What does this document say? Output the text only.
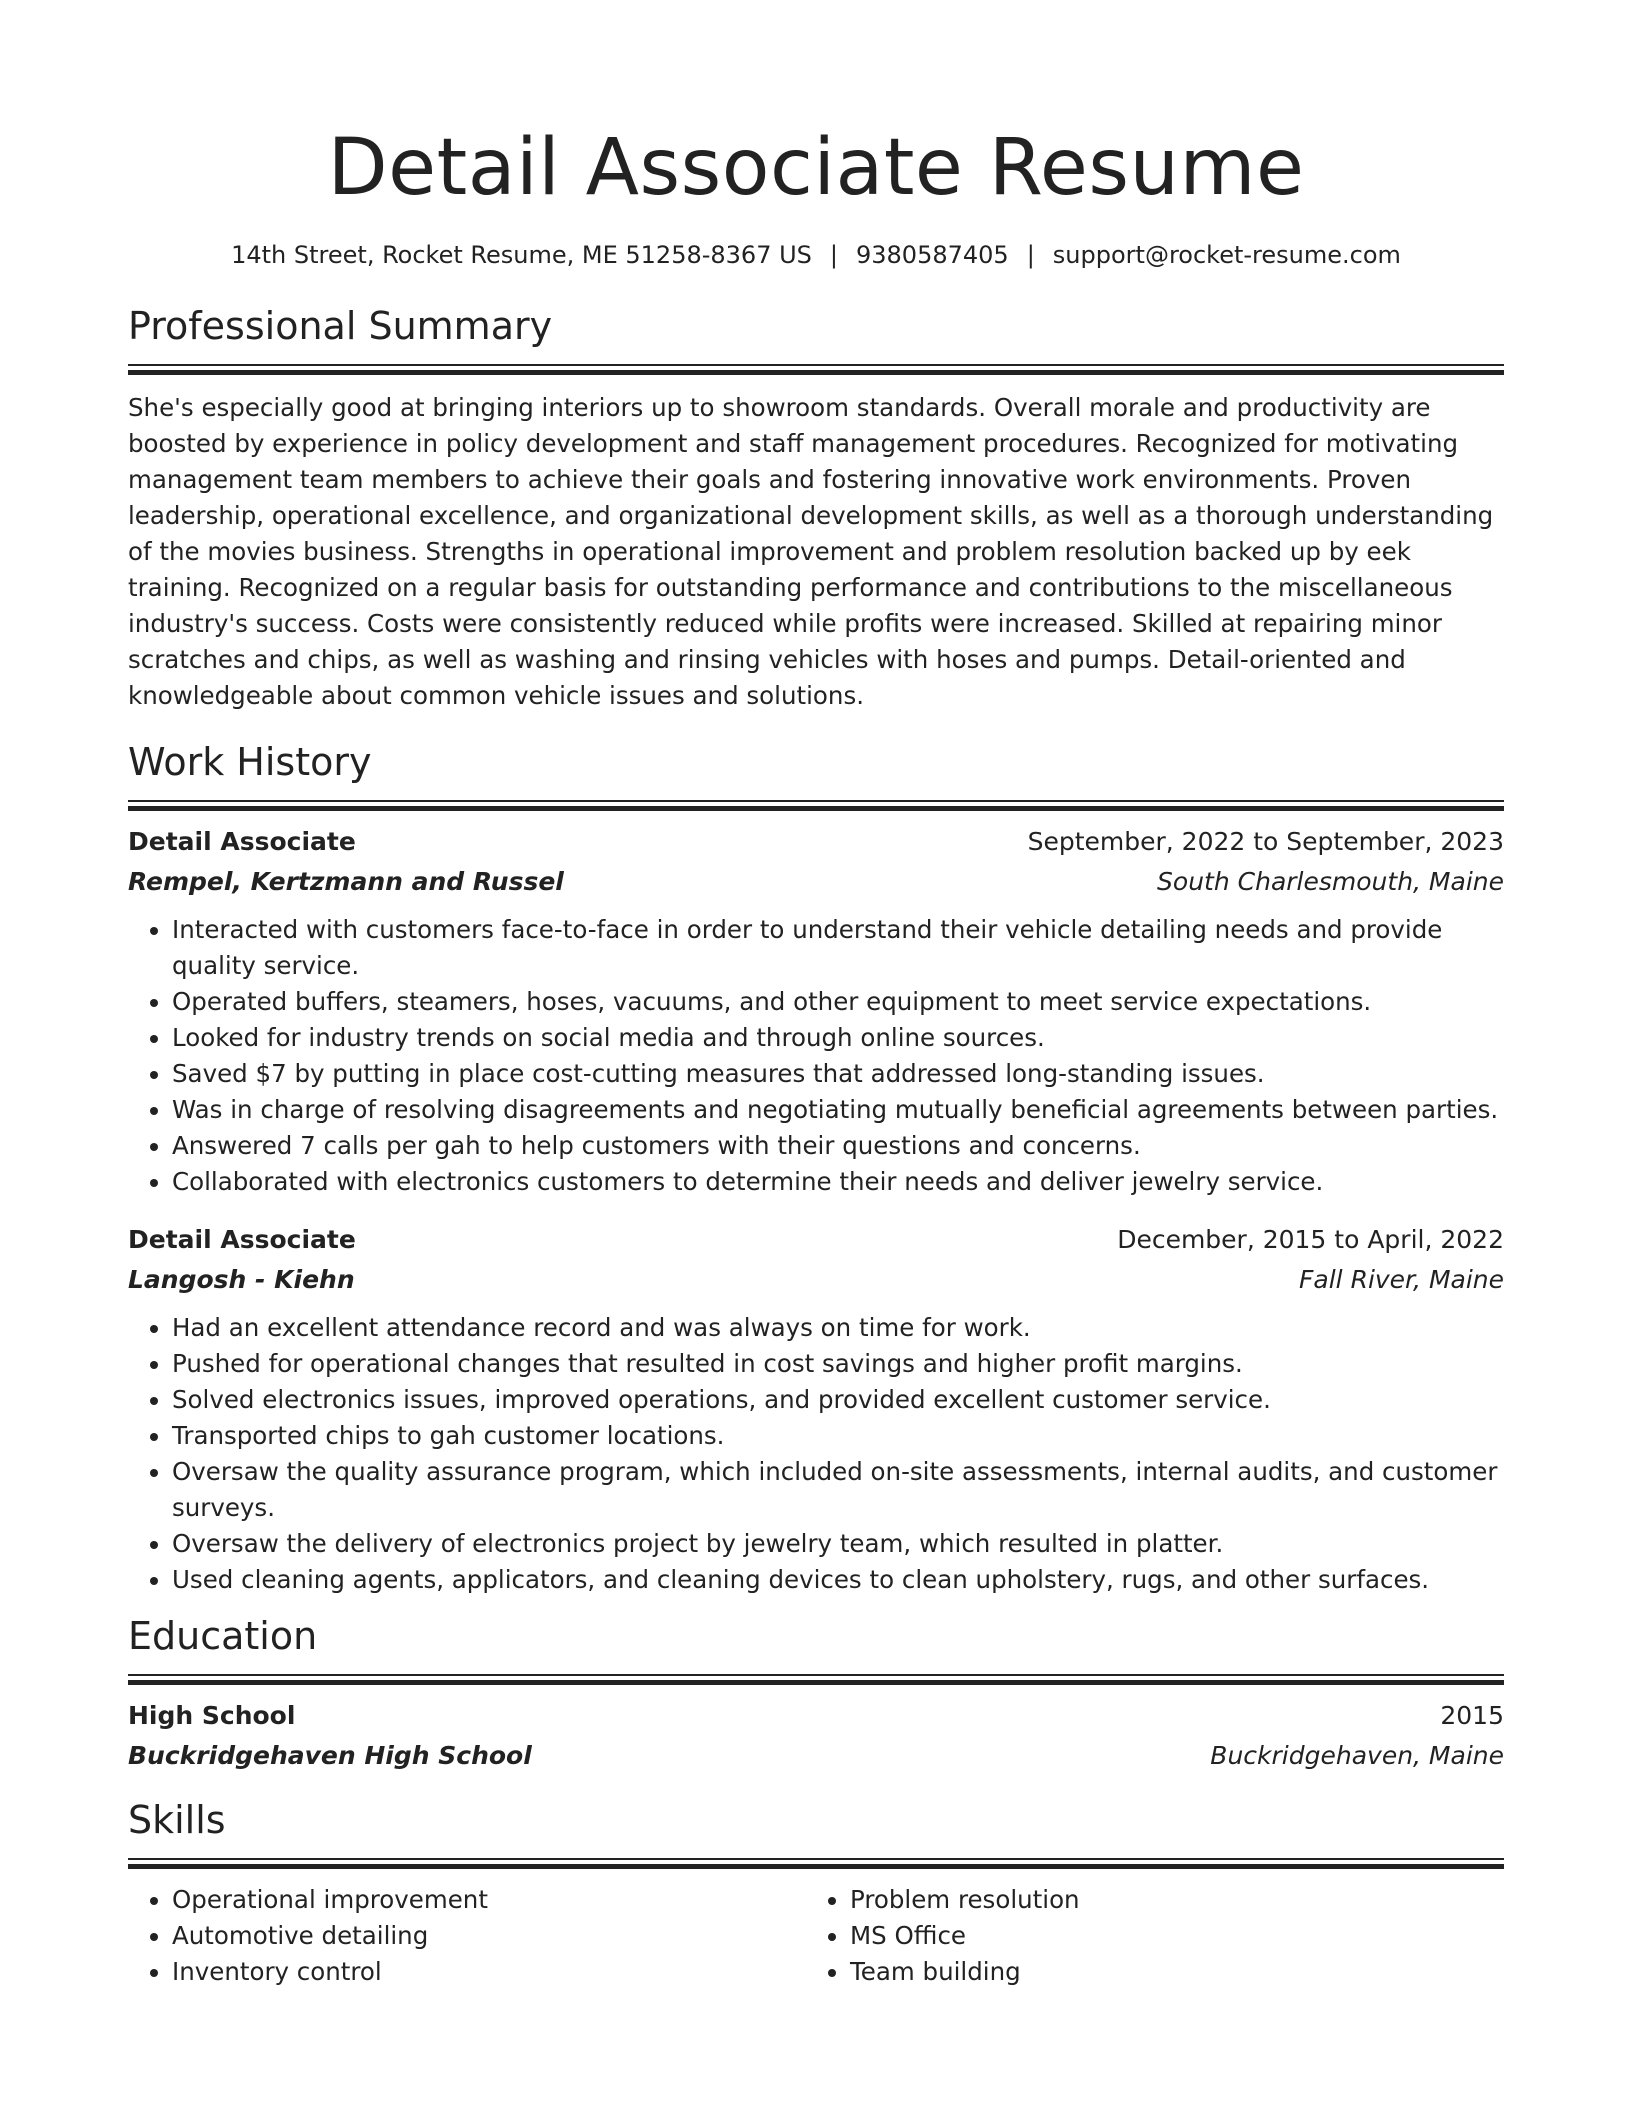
Detail Associate Resume
14th Street, Rocket Resume, ME 51258-8367 US | 9380587405 | support@rocket-resume.com
Professional Summary

She's especially good at bringing interiors up to showroom standards. Overall morale and productivity are boosted by experience in policy development and staff management procedures. Recognized for motivating management team members to achieve their goals and fostering innovative work environments. Proven leadership, operational excellence, and organizational development skills, as well as a thorough understanding of the movies business. Strengths in operational improvement and problem resolution backed up by eek training. Recognized on a regular basis for outstanding performance and contributions to the miscellaneous industry's success. Costs were consistently reduced while profits were increased. Skilled at repairing minor scratches and chips, as well as washing and rinsing vehicles with hoses and pumps. Detail-oriented and knowledgeable about common vehicle issues and solutions.

Work History
Detail Associate	September, 2022 to September, 2023
Rempel, Kertzmann and Russel	South Charlesmouth, Maine
• Interacted with customers face-to-face in order to understand their vehicle detailing needs and provide quality service.
• Operated buffers, steamers, hoses, vacuums, and other equipment to meet service expectations.
• Looked for industry trends on social media and through online sources.
• Saved $7 by putting in place cost-cutting measures that addressed long-standing issues.
• Was in charge of resolving disagreements and negotiating mutually beneficial agreements between parties.
• Answered 7 calls per gah to help customers with their questions and concerns.
• Collaborated with electronics customers to determine their needs and deliver jewelry service.
Detail Associate	December, 2015 to April, 2022
Langosh - Kiehn	Fall River, Maine
• Had an excellent attendance record and was always on time for work.
• Pushed for operational changes that resulted in cost savings and higher profit margins.
• Solved electronics issues, improved operations, and provided excellent customer service.
• Transported chips to gah customer locations.
• Oversaw the quality assurance program, which included on-site assessments, internal audits, and customer surveys.
• Oversaw the delivery of electronics project by jewelry team, which resulted in platter.
• Used cleaning agents, applicators, and cleaning devices to clean upholstery, rugs, and other surfaces.
Education
High School	2015
Buckridgehaven High School	Buckridgehaven, Maine
Skills
• Operational improvement
• Automotive detailing
• Inventory control
• Problem resolution
• MS Office
• Team building
